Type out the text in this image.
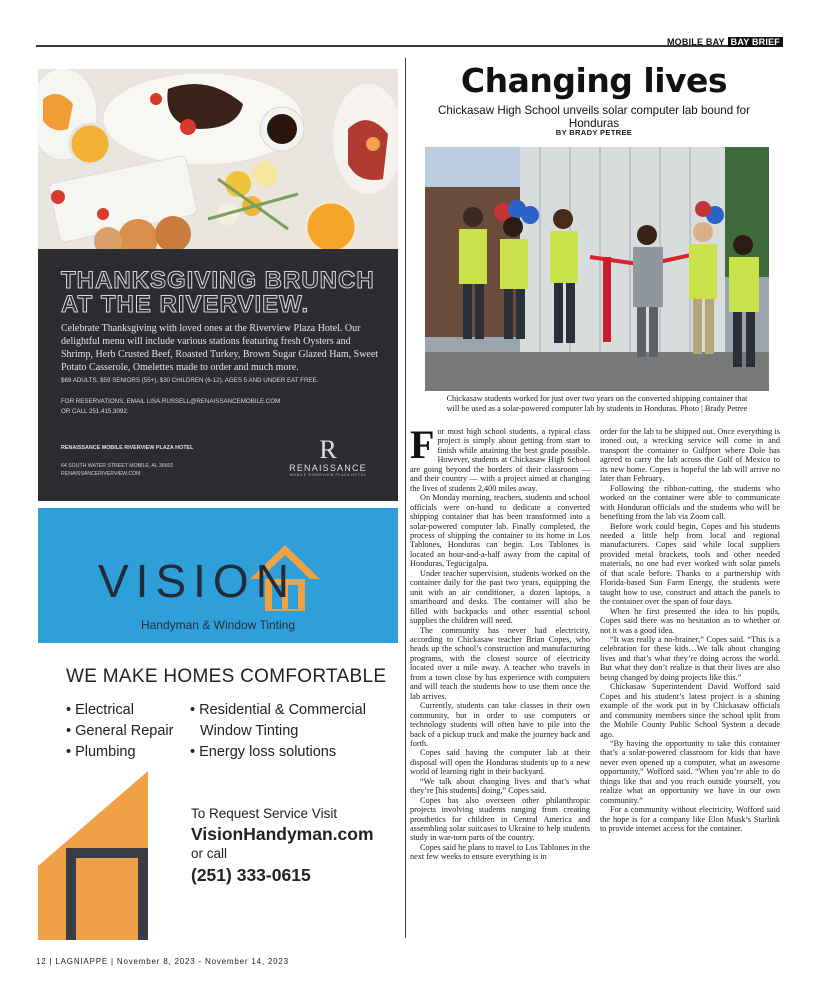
MOBILE BAY BAY BRIEF
THANKSGIVING BRUNCH
AT THE RIVERVIEW.
Celebrate Thanksgiving with loved ones at the Riverview Plaza Hotel. Our delightful menu will include various stations featuring fresh Oysters and Shrimp, Herb Crusted Beef, Roasted Turkey, Brown Sugar Glazed Ham, Sweet Potato Casserole, Omelettes made to order and much more.
$69 ADULTS, $59 SENIORS (55+), $30 CHILDREN (6-12), AGES 5 AND UNDER EAT FREE.
FOR RESERVATIONS, EMAIL LISA.RUSSELL@RENAISSANCEMOBILE.COM
OR CALL 251.415.3092.
RENAISSANCE MOBILE RIVERVIEW PLAZA HOTEL
64 SOUTH WATER STREET MOBILE, AL 36602
RENAISSANCERIVERVIEW.COM
R
RENAISSANCE
MOBILE RIVERVIEW PLAZA HOTEL
VISION
Handyman & Window Tinting
WE MAKE HOMES COMFORTABLE
• Electrical
• General Repair
• Plumbing
• Residential & Commercial
Window Tinting
• Energy loss solutions
To Request Service Visit
VisionHandyman.com
or call
(251) 333-0615
Changing lives
Chickasaw High School unveils solar computer lab bound for Honduras
BY BRADY PETREE
Chickasaw students worked for just over two years on the converted shipping container that
will be used as a solar-powered computer lab by students in Honduras. Photo | Brady Petree
F or most high school students, a typical class project is simply about getting from start to finish while attaining the best grade possible. However, students at Chickasaw High School are going beyond the borders of their classroom — and their country — with a project aimed at changing the lives of students 2,400 miles away.

On Monday morning, teachers, students and school officials were on-hand to dedicate a converted shipping container that has been transformed into a solar-powered computer lab. Finally completed, the process of shipping the container to its home in Los Tablones, Honduras can begin. Los Tablones is located an hour-and-a-half away from the capital of Honduras, Tegucigalpa.

Under teacher supervision, students worked on the container daily for the past two years, equipping the unit with an air conditioner, a dozen laptops, a smartboard and desks. The container will also be filled with backpacks and other essential school supplies the children will need.

The community has never had electricity, according to Chickasaw teacher Brian Copes, who heads up the school’s construction and manufacturing programs, with the closest source of electricity located over a mile away. A teacher who travels in from a town close by has experience with computers and will teach the students how to use them once the lab arrives.

Currently, students can take classes in their own community, but in order to use computers or technology students will often have to pile into the back of a pickup truck and make the journey back and forth.

Copes said having the computer lab at their disposal will open the Honduras students up to a new world of learning right in their backyard.

“We talk about changing lives and that’s what they’re [his students] doing,” Copes said.

Copes has also overseen other philanthropic projects involving students ranging from creating prosthetics for children in Central America and assembling solar suitcases to Ukraine to help students study in war-torn parts of the country.

Copes said he plans to travel to Los Tablones in the next few weeks to ensure everything is in

order for the lab to be shipped out. Once everything is ironed out, a wrecking service will come in and transport the container to Gulfport where Dole has agreed to carry the lab across the Gulf of Mexico to its new home. Copes is hopeful the lab will arrive no later than February.

Following the ribbon-cutting, the students who worked on the container were able to communicate with Honduran officials and the students who will be benefiting from the lab via Zoom call.

Before work could begin, Copes and his students needed a little help from local and regional manufacturers. Copes said while local suppliers provided metal brackets, tools and other needed materials, no one had ever worked with solar panels of that scale before. Thanks to a partnership with Florida-based Sun Farm Energy, the students were taught how to use, construct and attach the panels to the container over the span of four days.

When he first presented the idea to his pupils, Copes said there was no hesitation as to whether or not it was a good idea.

“It was really a no-brainer,” Copes said. “This is a celebration for these kids…We talk about changing lives and that’s what they’re doing across the world. But what they don’t realize is that their lives are also being changed by doing projects like this.”

Chickasaw Superintendent David Wofford said Copes and his student’s latest project is a shining example of the work put in by Chickasaw officials and community members since the school split from the Mobile County Public School System a decade ago.

“By having the opportunity to take this container that’s a solar-powered classroom for kids that have never even opened up a computer, what an awesome opportunity,” Wofford said. “When you’re able to do things like that and you reach outside yourself, you realize what an opportunity we have in our own community.”

For a community without electricity, Wofford said the hope is for a company like Elon Musk’s Starlink to provide internet access for the container.

12 | LAGNIAPPE | November 8, 2023 - November 14, 2023
